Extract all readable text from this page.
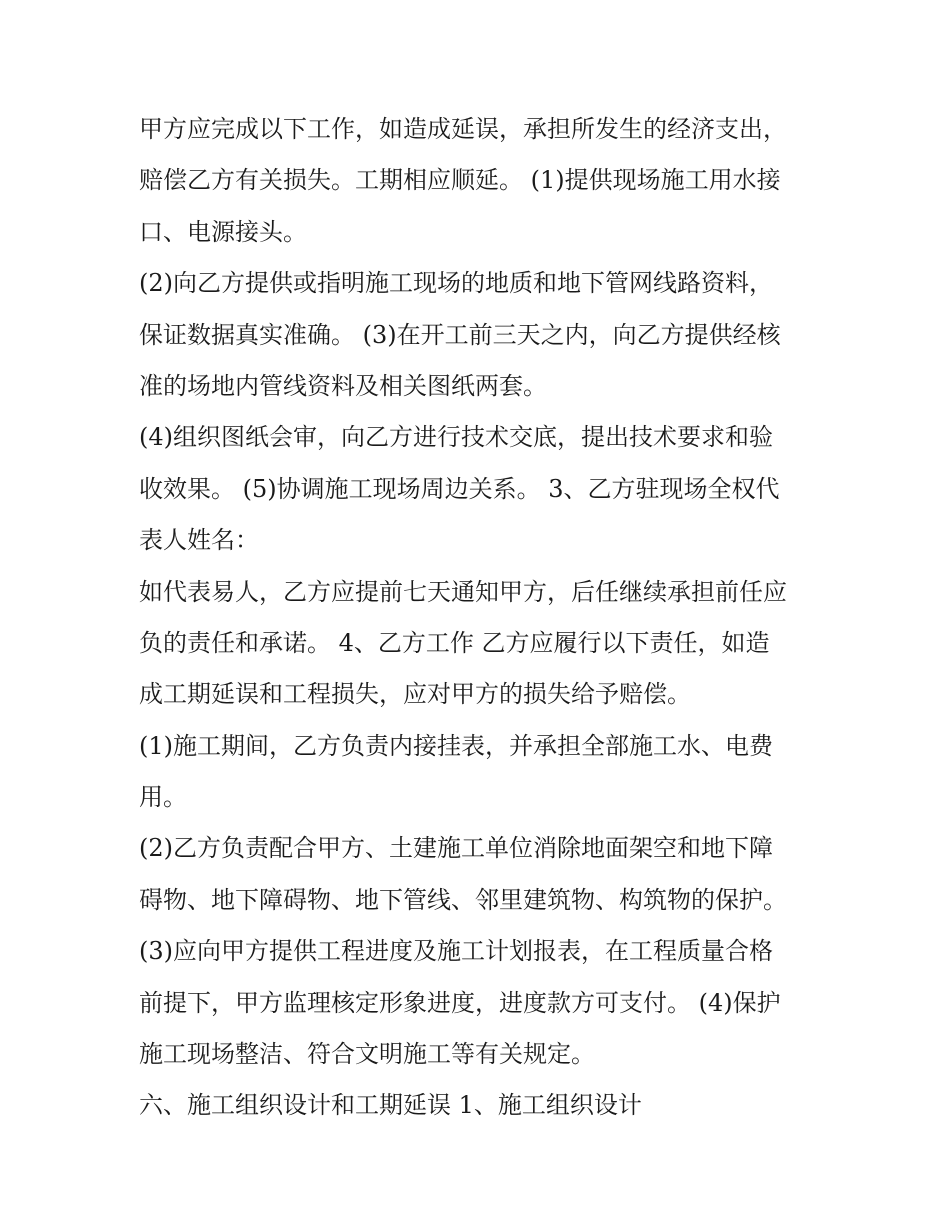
甲方应完成以下工作，如造成延误，承担所发生的经济支出，
赔偿乙方有关损失。工期相应顺延。 (1)提供现场施工用水接
口、电源接头。
(2)向乙方提供或指明施工现场的地质和地下管网线路资料，
保证数据真实准确。 (3)在开工前三天之内，向乙方提供经核
准的场地内管线资料及相关图纸两套。
(4)组织图纸会审，向乙方进行技术交底，提出技术要求和验
收效果。 (5)协调施工现场周边关系。 3、乙方驻现场全权代
表人姓名：
如代表易人，乙方应提前七天通知甲方，后任继续承担前任应
负的责任和承诺。 4、乙方工作 乙方应履行以下责任，如造
成工期延误和工程损失，应对甲方的损失给予赔偿。
(1)施工期间，乙方负责内接挂表，并承担全部施工水、电费
用。
(2)乙方负责配合甲方、土建施工单位消除地面架空和地下障
碍物、地下障碍物、地下管线、邻里建筑物、构筑物的保护。
(3)应向甲方提供工程进度及施工计划报表，在工程质量合格
前提下，甲方监理核定形象进度，进度款方可支付。 (4)保护
施工现场整洁、符合文明施工等有关规定。
六、施工组织设计和工期延误 1、施工组织设计
